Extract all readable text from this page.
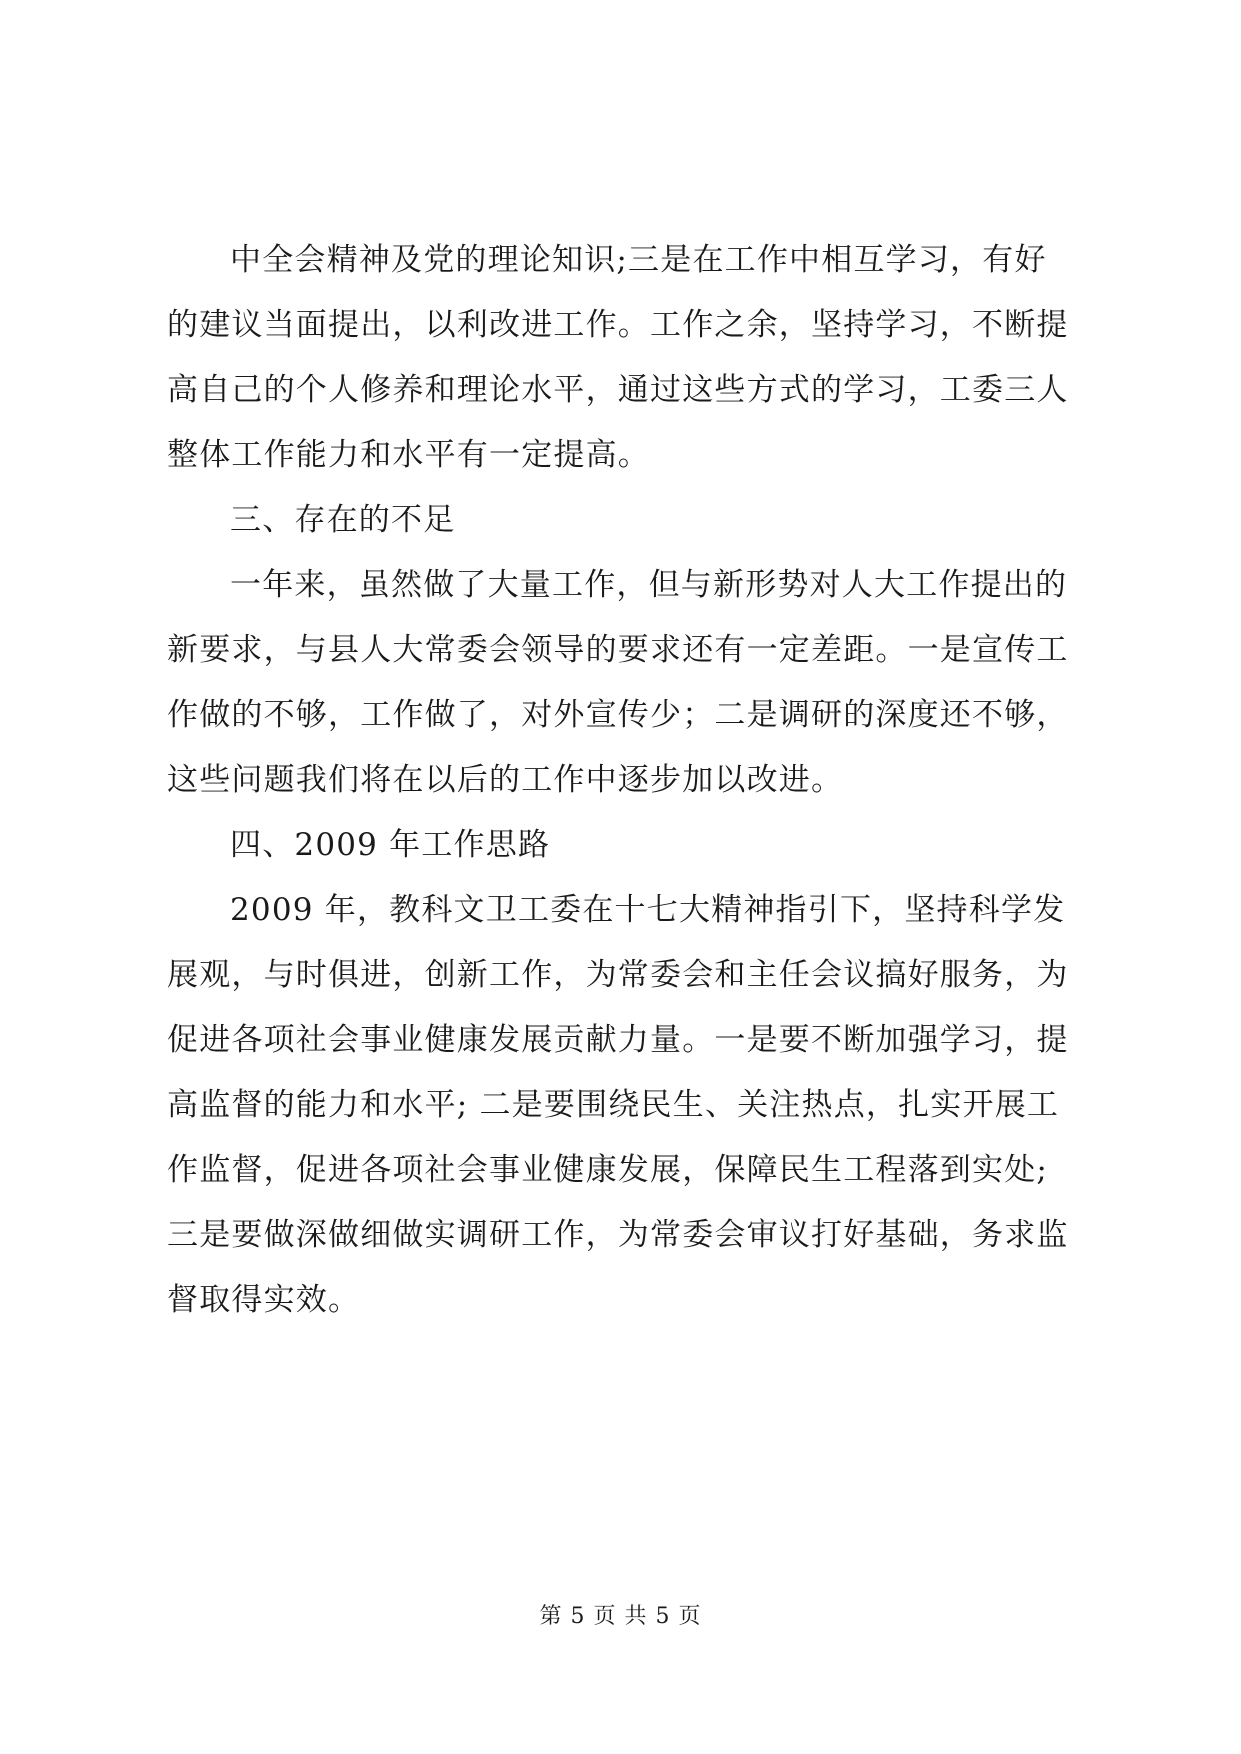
中全会精神及党的理论知识;三是在工作中相互学习，有好
的建议当面提出，以利改进工作。工作之余，坚持学习，不断提
高自己的个人修养和理论水平，通过这些方式的学习，工委三人
整体工作能力和水平有一定提高。
三、存在的不足
一年来，虽然做了大量工作，但与新形势对人大工作提出的
新要求，与县人大常委会领导的要求还有一定差距。一是宣传工
作做的不够，工作做了，对外宣传少；二是调研的深度还不够，
这些问题我们将在以后的工作中逐步加以改进。
四、2009 年工作思路
2009 年，教科文卫工委在十七大精神指引下，坚持科学发
展观，与时俱进，创新工作，为常委会和主任会议搞好服务，为
促进各项社会事业健康发展贡献力量。一是要不断加强学习，提
高监督的能力和水平; 二是要围绕民生、关注热点，扎实开展工
作监督，促进各项社会事业健康发展，保障民生工程落到实处;
三是要做深做细做实调研工作，为常委会审议打好基础，务求监
督取得实效。
第 5 页 共 5 页
